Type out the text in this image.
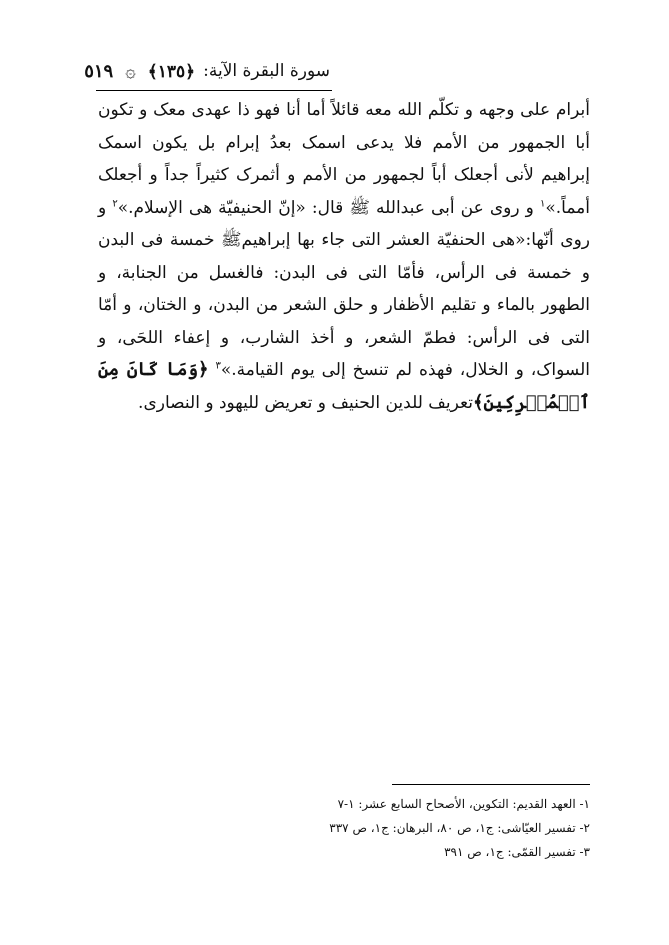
سورة البقرة الآية:
﴿١٣٥﴾
۞
٥١٩

أبرام على وجهه و تكلّم الله معه قائلاً أما أنا فهو ذا عهدى معک و تکون أبا الجمهور من الأمم فلا يدعى اسمک بعدُ إبرام بل يکون اسمک إبراهيم لأنى أجعلک أباً لجمهور من الأمم و أثمرک کثيراً جداً و أجعلک أمماً.»$^١$ و روى عن أبى عبدالله ﷺ قال: «إنّ الحنيفيّة هى الإسلام.»$^٢$ و روى أنّها:«هى الحنفيّة العشر التى جاء بها إبراهيمﷺ خمسة فى البدن و خمسة فى الرأس، فأمّا التى فى البدن: فالغسل من الجنابة، و الطهور بالماء و تقليم الأظفار و حلق الشعر من البدن، و الختان، و أمّا التى فى الرأس: فطمّ الشعر، و أخذ الشارب، و إعفاء اللحَى، و السواک، و الخلال، فهذه لم تنسخ إلى يوم القيامة.»$^٣$ ﴿وَمَا كَانَ مِنَ ٱلۡمُشۡرِكِينَ﴾تعريف للدين الحنيف و تعريض لليهود و النصارى.

١- العهد القديم: التكوين، الأصحاح السابع عشر: ١-٧
٢- تفسير العيّاشى: ج١، ص ٨٠، البرهان: ج١، ص ٣٣٧
٣- تفسير القمّى: ج١، ص ٣٩١
